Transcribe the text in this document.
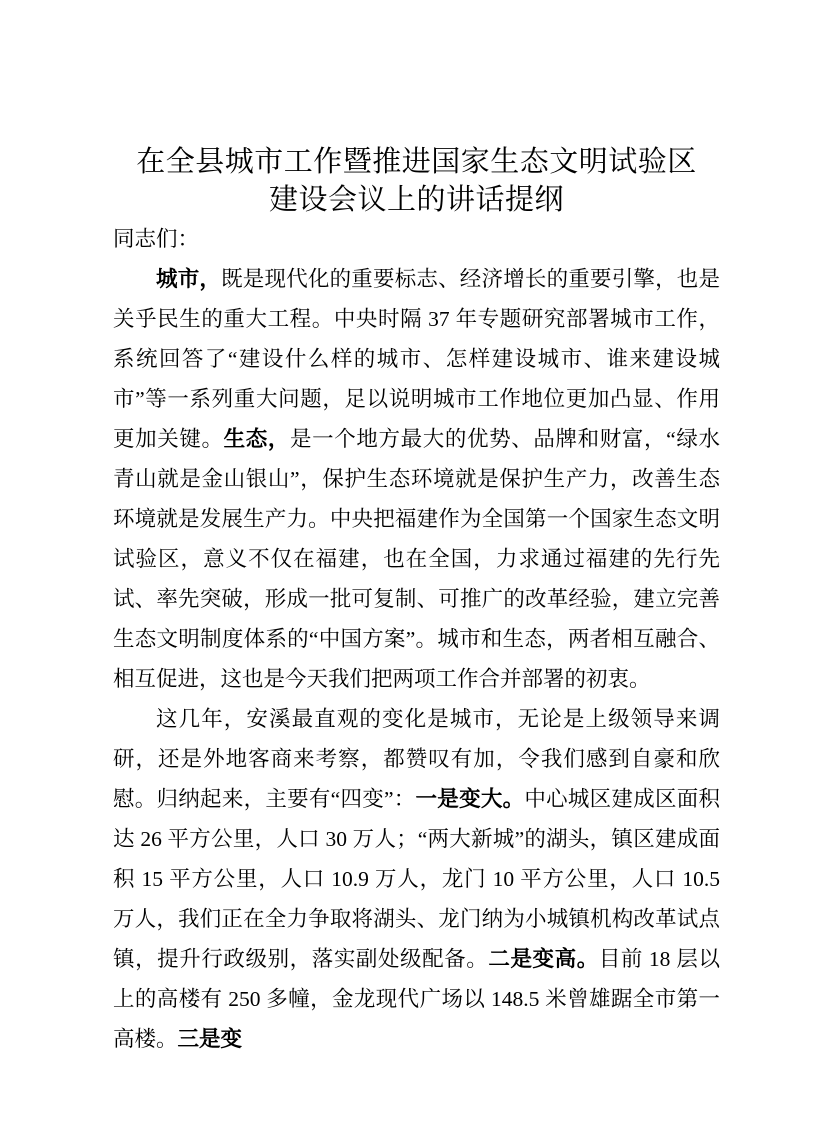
在全县城市工作暨推进国家生态文明试验区
建设会议上的讲话提纲

同志们：

城市，既是现代化的重要标志、经济增长的重要引擎，也是关乎民生的重大工程。中央时隔 37 年专题研究部署城市工作，系统回答了“建设什么样的城市、怎样建设城市、谁来建设城市”等一系列重大问题，足以说明城市工作地位更加凸显、作用更加关键。生态，是一个地方最大的优势、品牌和财富，“绿水青山就是金山银山”，保护生态环境就是保护生产力，改善生态环境就是发展生产力。中央把福建作为全国第一个国家生态文明试验区，意义不仅在福建，也在全国，力求通过福建的先行先试、率先突破，形成一批可复制、可推广的改革经验，建立完善生态文明制度体系的“中国方案”。城市和生态，两者相互融合、相互促进，这也是今天我们把两项工作合并部署的初衷。

这几年，安溪最直观的变化是城市，无论是上级领导来调研，还是外地客商来考察，都赞叹有加，令我们感到自豪和欣慰。归纳起来，主要有“四变”：一是变大。中心城区建成区面积达 26 平方公里，人口 30 万人；“两大新城”的湖头，镇区建成面积 15 平方公里，人口 10.9 万人，龙门 10 平方公里，人口 10.5 万人，我们正在全力争取将湖头、龙门纳为小城镇机构改革试点镇，提升行政级别，落实副处级配备。二是变高。目前 18 层以上的高楼有 250 多幢，金龙现代广场以 148.5 米曾雄踞全市第一高楼。三是变
